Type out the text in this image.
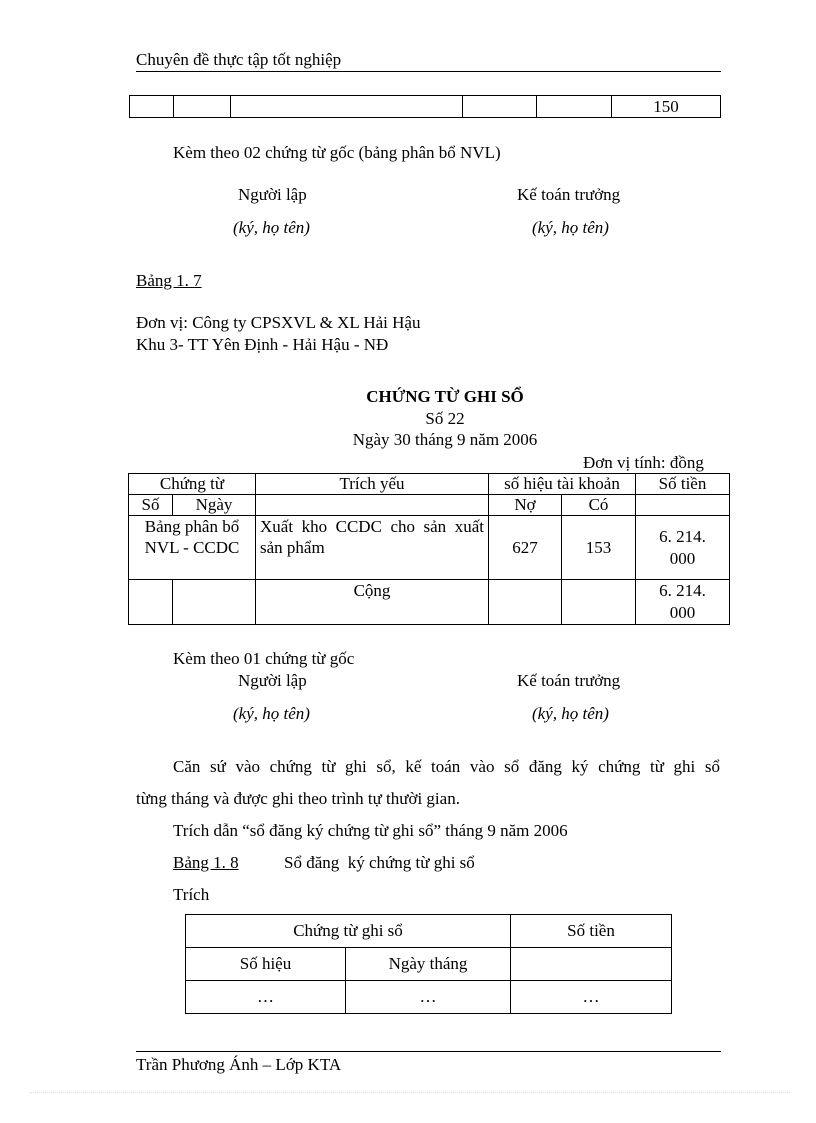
Chuyên đề thực tập tốt nghiệp
					150
Kèm theo 02 chứng từ gốc (bảng phân bổ NVL)
Người lập
(ký, họ tên)
Kế toán trưởng
(ký, họ tên)
Bảng 1. 7
Đơn vị: Công ty CPSXVL & XL Hải Hậu
Khu 3- TT Yên Định - Hải Hậu - NĐ
CHỨNG TỪ GHI SỔ
Số 22
Ngày 30 tháng 9 năm 2006
Đơn vị tính: đồng
Chứng từ		Trích yếu	số hiệu tài khoản		Số tiền
Số	Ngày		Nợ	Có	
Bảng phân bổ NVL - CCDC		Xuất kho CCDC cho sản xuất sản phẩm	627	153	6. 214. 000
		Cộng			6. 214. 000
Kèm theo 01 chứng từ gốc
Người lập
(ký, họ tên)
Kế toán trưởng
(ký, họ tên)
Căn sứ vào chứng từ ghi sổ, kế toán vào sổ đăng ký chứng từ ghi sổ
từng tháng và được ghi theo trình tự thười gian.
Trích dẫn “sổ đăng ký chứng từ ghi sổ” tháng 9 năm 2006
Bảng 1. 8	Sổ đăng  ký chứng từ ghi sổ
Trích
Chứng từ ghi sổ		Số tiền
Số hiệu	Ngày tháng	
…	…	…
Trần Phương Ánh – Lớp KTA
